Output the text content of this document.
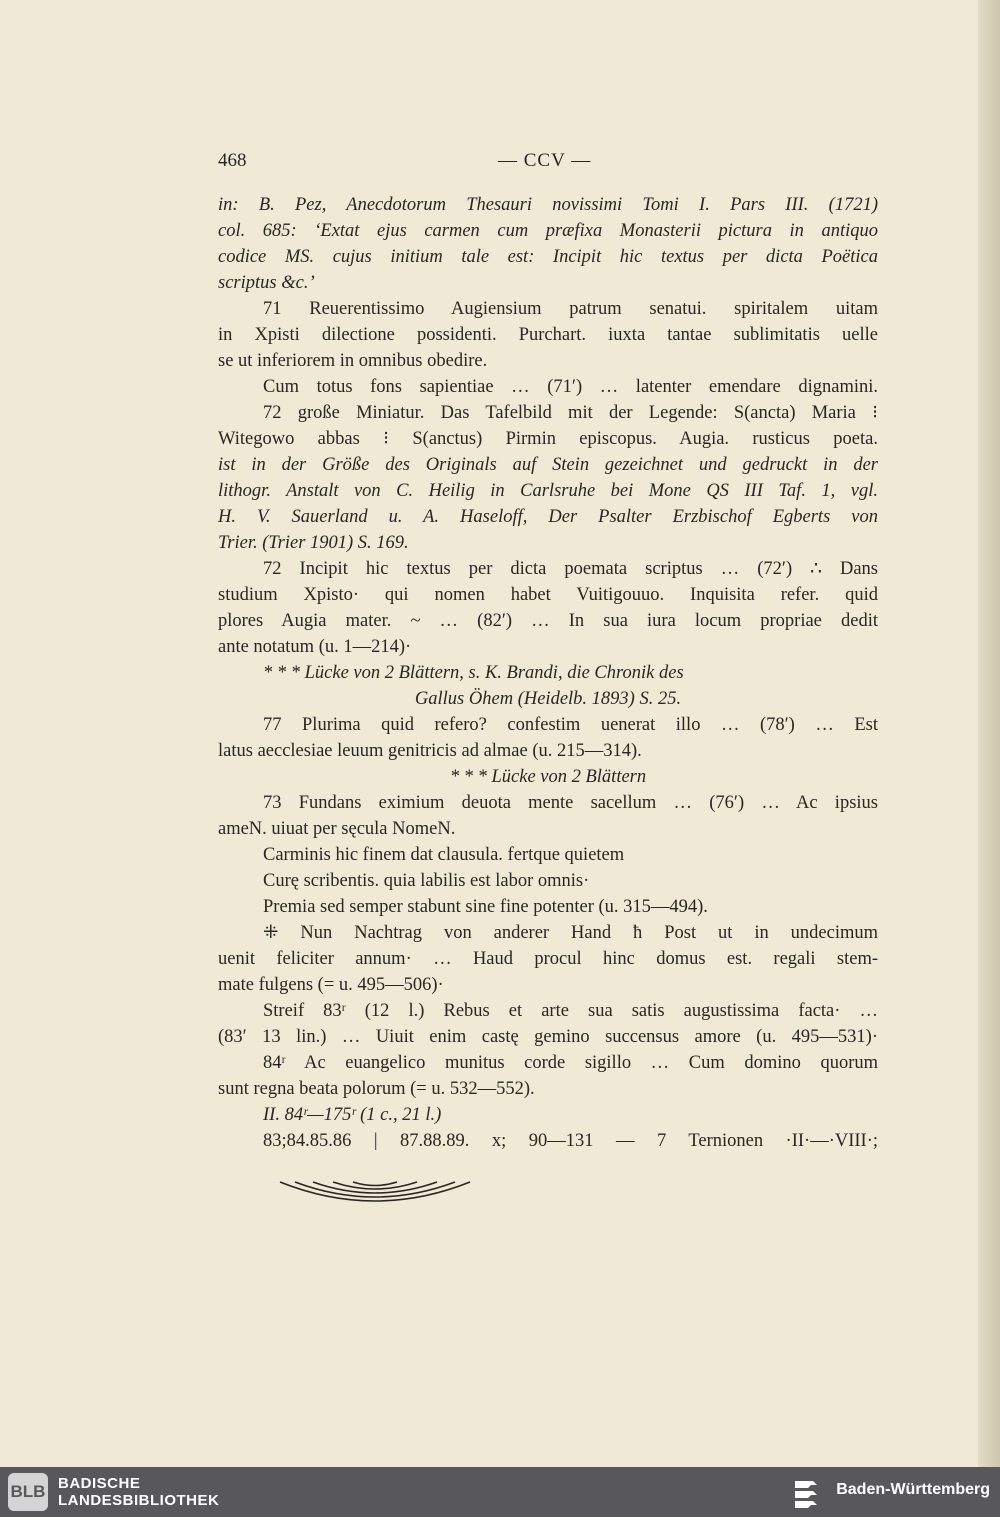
468	— CCV —
in: B. Pez, Anecdotorum Thesauri novissimi Tomi I. Pars III. (1721)
col. 685: ‘Extat ejus carmen cum præfixa Monasterii pictura in antiquo
codice MS. cujus initium tale est: Incipit hic textus per dicta Poëtica
scriptus &c.’
71 Reuerentissimo Augiensium patrum senatui. spiritalem uitam
in Xpisti dilectione possidenti. Purchart. iuxta tantae sublimitatis uelle
se ut inferiorem in omnibus obedire.
Cum totus fons sapientiae … (71′) … latenter emendare dignamini.
72 große Miniatur. Das Tafelbild mit der Legende: S(ancta) Maria ⁝
Witegowo abbas ⁝ S(anctus) Pirmin episcopus. Augia. rusticus poeta.
ist in der Größe des Originals auf Stein gezeichnet und gedruckt in der
lithogr. Anstalt von C. Heilig in Carlsruhe bei Mone QS III Taf. 1, vgl.
H. V. Sauerland u. A. Haseloff, Der Psalter Erzbischof Egberts von
Trier. (Trier 1901) S. 169.
72 Incipit hic textus per dicta poemata scriptus … (72′) ∴ Dans
studium Xpisto· qui nomen habet Vuitigouuo. Inquisita refer. quid
plores Augia mater. ~ … (82′) … In sua iura locum propriae dedit
ante notatum (u. 1—214)·
* * * Lücke von 2 Blättern, s. K. Brandi, die Chronik des
Gallus Öhem (Heidelb. 1893) S. 25.
77 Plurima quid refero? confestim uenerat illo … (78′) … Est
latus aecclesiae leuum genitricis ad almae (u. 215—314).
* * * Lücke von 2 Blättern
73 Fundans eximium deuota mente sacellum … (76′) … Ac ipsius
ameN. uiuat per sęcula NomeN.
Carminis hic finem dat clausula. fertque quietem
Curę scribentis. quia labilis est labor omnis·
Premia sed semper stabunt sine fine potenter (u. 315—494).
⁜ Nun Nachtrag von anderer Hand ħ Post ut in undecimum
uenit feliciter annum· … Haud procul hinc domus est. regali stem-
mate fulgens (= u. 495—506)·
Streif 83ʳ (12 l.) Rebus et arte sua satis augustissima facta· …
(83′ 13 lin.) … Uiuit enim castę gemino succensus amore (u. 495—531)·
84ʳ Ac euangelico munitus corde sigillo … Cum domino quorum
sunt regna beata polorum (= u. 532—552).
II. 84ʳ—175ʳ (1 c., 21 l.)
83;84.85.86 | 87.88.89. x; 90—131 — 7 Ternionen ·II·—·VIII·;
BLB BADISCHE
LANDESBIBLIOTHEK
Baden-Württemberg
